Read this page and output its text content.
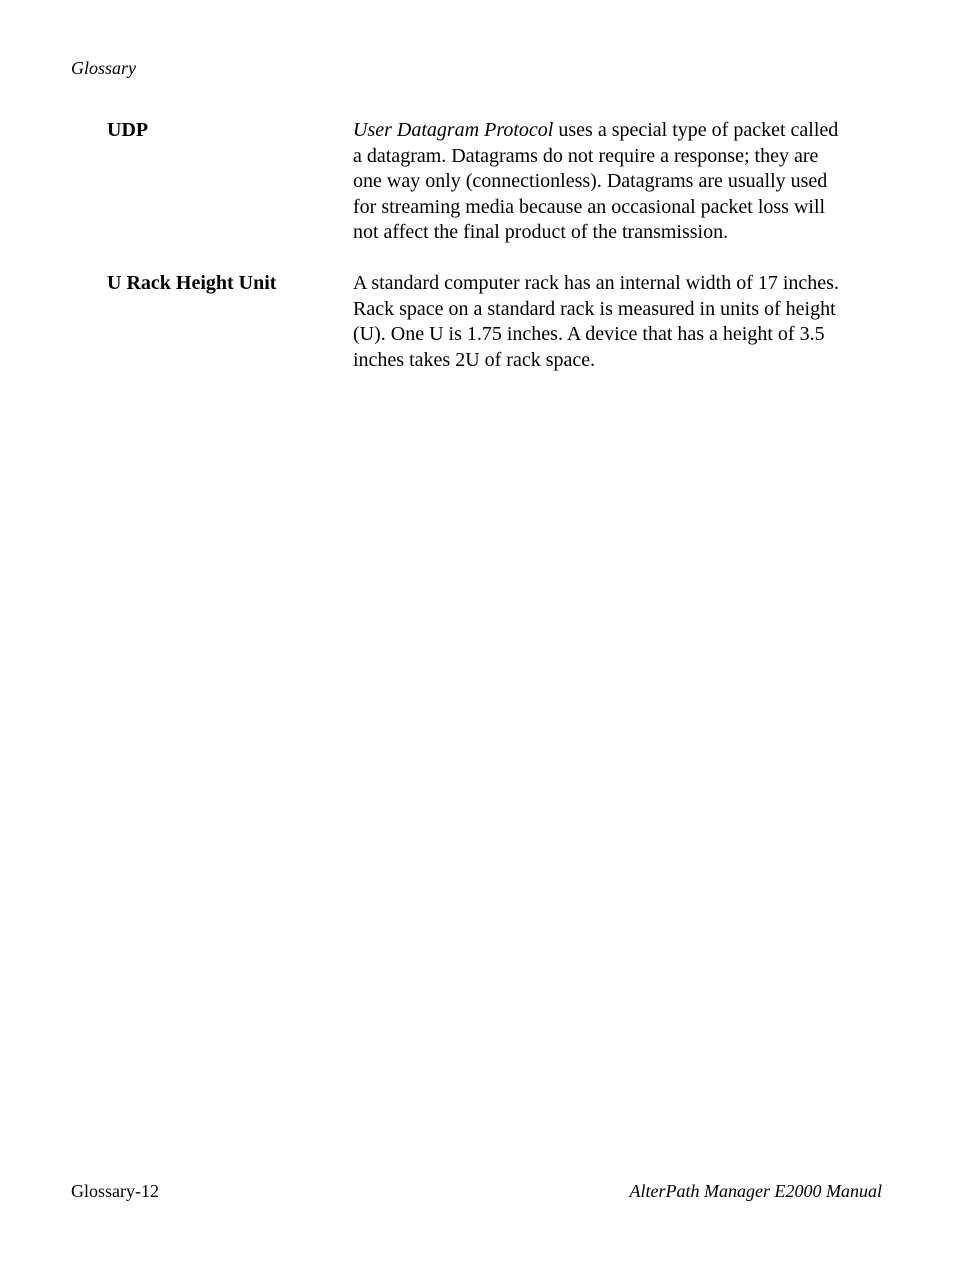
Glossary
UDP	User Datagram Protocol uses a special type of packet called
a datagram. Datagrams do not require a response; they are
one way only (connectionless). Datagrams are usually used
for streaming media because an occasional packet loss will
not affect the final product of the transmission.
U Rack Height Unit	A standard computer rack has an internal width of 17 inches.
Rack space on a standard rack is measured in units of height
(U). One U is 1.75 inches. A device that has a height of 3.5
inches takes 2U of rack space.
Glossary-12	AlterPath Manager E2000 Manual
